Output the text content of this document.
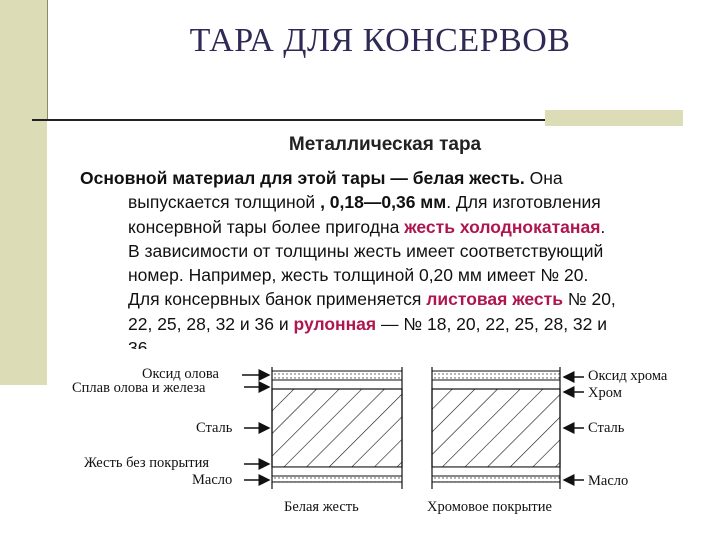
ТАРА ДЛЯ КОНСЕРВОВ
Металлическая тара
Основной материал для этой тары — белая жесть. Она
выпускается толщиной , 0,18—0,36 мм. Для изготовления
консервной тары более пригодна жесть холоднокатаная.
В зависимости от толщины жесть имеет соответствующий
номер. Например, жесть толщиной 0,20 мм имеет № 20.
Для консервных банок применяется листовая жесть № 20,
22, 25, 28, 32 и 36 и рулонная — № 18, 20, 22, 25, 28, 32 и
Оксид олова
Сплав олова и железа
Сталь
Жесть без покрытия
Масло
Оксид хрома
Хром
Сталь
Масло
Белая жесть	Хромовое покрытие
